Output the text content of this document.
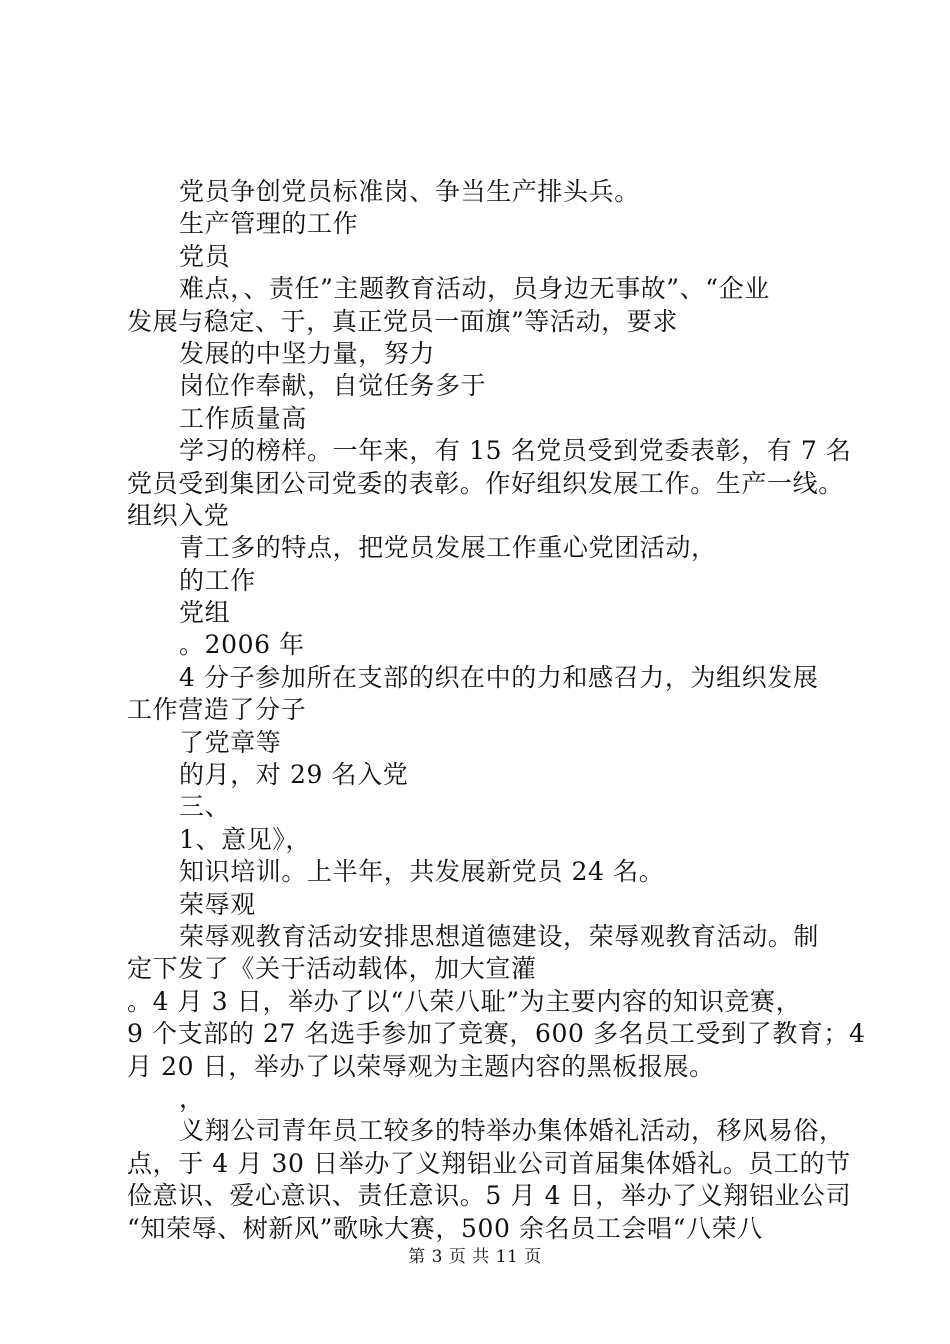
党员争创党员标准岗、争当生产排头兵。
生产管理的工作
党员
难点，、责任”主题教育活动，员身边无事故”、“企业
发展与稳定、于，真正党员一面旗”等活动，要求
发展的中坚力量，努力
岗位作奉献，自觉任务多于
工作质量高
学习的榜样。一年来，有 15 名党员受到党委表彰，有 7 名
党员受到集团公司党委的表彰。作好组织发展工作。生产一线。
组织入党
青工多的特点，把党员发展工作重心党团活动，
的工作
党组
。2006 年
4 分子参加所在支部的织在中的力和感召力，为组织发展
工作营造了分子
了党章等
的月，对 29 名入党
三、
1、意见》，
知识培训。上半年，共发展新党员 24 名。
荣辱观
荣辱观教育活动安排思想道德建设，荣辱观教育活动。制
定下发了《关于活动载体，加大宣灌
。4 月 3 日，举办了以“八荣八耻”为主要内容的知识竞赛，
9 个支部的 27 名选手参加了竞赛，600 多名员工受到了教育；4
月 20 日，举办了以荣辱观为主题内容的黑板报展。
，
义翔公司青年员工较多的特举办集体婚礼活动，移风易俗，
点，于 4 月 30 日举办了义翔铝业公司首届集体婚礼。员工的节
俭意识、爱心意识、责任意识。5 月 4 日，举办了义翔铝业公司
“知荣辱、树新风”歌咏大赛，500 余名员工会唱“八荣八
第 3 页 共 11 页
